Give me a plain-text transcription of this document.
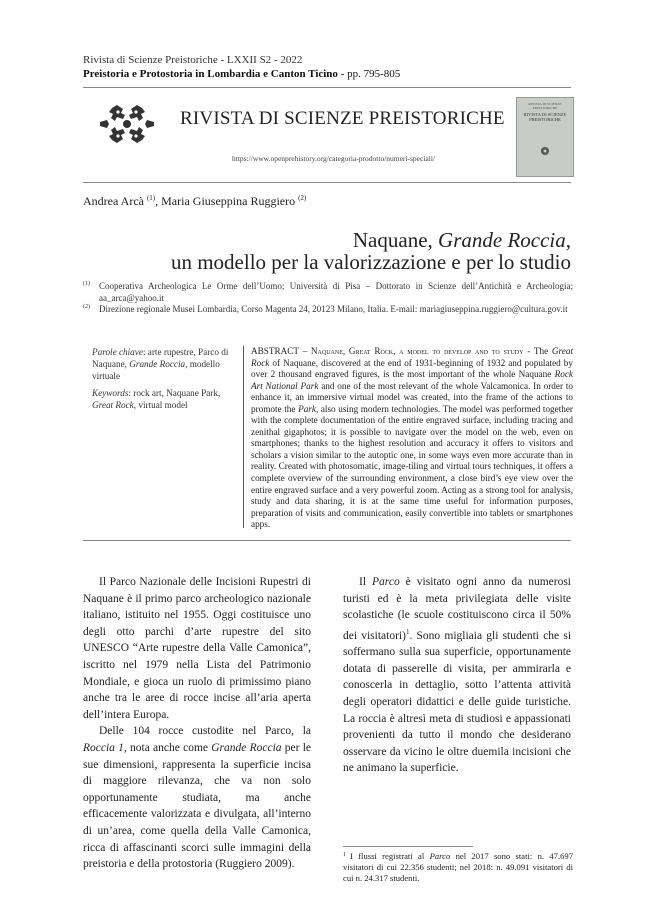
Rivista di Scienze Preistoriche - LXXII S2 - 2022
Preistoria e Protostoria in Lombardia e Canton Ticino - pp. 795-805
RIVISTA DI SCIENZE PREISTORICHE
https://www.openprehistory.org/categoria-prodotto/numeri-speciali/
RIVISTA DI SCIENZE PREISTORICHE
RIVISTA DI SCIENZE PREISTORICHE
Andrea Arcà $^{(1)}$, Maria Giuseppina Ruggiero $^{(2)}$
Naquane, Grande Roccia,
un modello per la valorizzazione e per lo studio
(1) Cooperativa Archeologica Le Orme dell’Uomo; Università di Pisa – Dottorato in Scienze dell’Antichità e Archeologia; aa_arca@yahoo.it
(2) Direzione regionale Musei Lombardia, Corso Magenta 24, 20123 Milano, Italia. E-mail: mariagiuseppina.ruggiero@cultura.gov.it

Parole chiave: arte rupestre, Parco di Naquane, Grande Roccia, modello virtuale

Keywords: rock art, Naquane Park, Great Rock, virtual model

ABSTRACT – Naquane, Great Rock, a model to develop and to study - The Great Rock of Naquane, discovered at the end of 1931-beginning of 1932 and populated by over 2 thousand engraved figures, is the most important of the whole Naquane Rock Art National Park and one of the most relevant of the whole Valcamonica. In order to enhance it, an immersive virtual model was created, into the frame of the actions to promote the Park, also using modern technologies. The model was performed together with the complete documentation of the entire engraved surface, including tracing and zenithal gigaphotos; it is possible to navigate over the model on the web, even on smartphones; thanks to the highest resolution and accuracy it offers to visitors and scholars a vision similar to the autoptic one, in some ways even more accurate than in reality. Created with photosomatic, image-tiling and virtual tours techniques, it offers a complete overview of the surrounding environment, a close bird’s eye view over the entire engraved surface and a very powerful zoom. Acting as a strong tool for analysis, study and data sharing, it is at the same time useful for information purposes, preparation of visits and communication, easily convertible into tablets or smartphones apps.

Il Parco Nazionale delle Incisioni Rupestri di Naquane è il primo parco archeologico nazionale italiano, istituito nel 1955. Oggi costituisce uno degli otto parchi d’arte rupestre del sito UNESCO “Arte rupestre della Valle Camonica”, iscritto nel 1979 nella Lista del Patrimonio Mondiale, e gioca un ruolo di primissimo piano anche tra le aree di rocce incise all’aria aperta dell’intera Europa.

Delle 104 rocce custodite nel Parco, la Roccia 1, nota anche come Grande Roccia per le sue dimensioni, rappresenta la superficie incisa di maggiore rilevanza, che va non solo opportunamente studiata, ma anche efficacemente valorizzata e divulgata, all’interno di un’area, come quella della Valle Camonica, ricca di affascinanti scorci sulle immagini della preistoria e della protostoria (Ruggiero 2009).

Il Parco è visitato ogni anno da numerosi turisti ed è la meta privilegiata delle visite scolastiche (le scuole costituiscono circa il 50% dei visitatori)$^1$. Sono migliaia gli studenti che si soffermano sulla sua superficie, opportunamente dotata di passerelle di visita, per ammirarla e conoscerla in dettaglio, sotto l’attenta attività degli operatori didattici e delle guide turistiche. La roccia è altresì meta di studiosi e appassionati provenienti da tutto il mondo che desiderano osservare da vicino le oltre duemila incisioni che ne animano la superficie.

$^1$ I flussi registrati al Parco nel 2017 sono stati: n. 47.697 visitatori di cui 22.356 studenti; nel 2018: n. 49.091 visitatori di cui n. 24.317 studenti.
